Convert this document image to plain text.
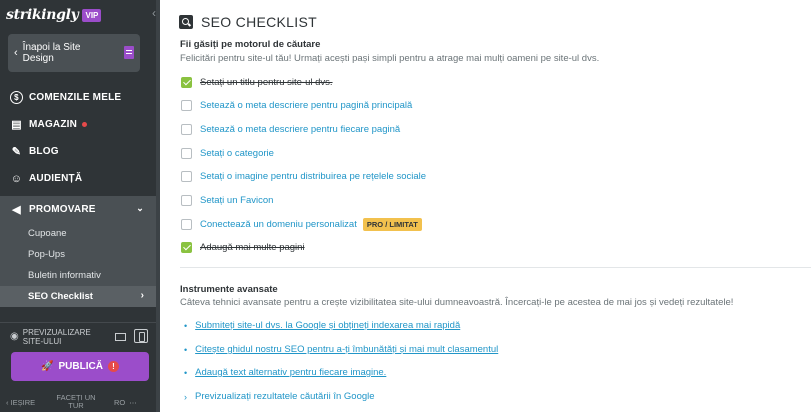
strikingly VIP	‹
‹ Înapoi la Site Design
$	COMENZILE MELE
▤ MAGAZIN
✎ BLOG
☺ AUDIENȚĂ
◀ PROMOVARE	⌄
Cupoane
Pop-Ups
Buletin informativ
SEO Checklist	›
◉ PREVIZUALIZARE SITE-ULUI
🚀 PUBLICĂ	!
‹ IEȘIRE	FACEȚI UN TUR	RO ⋯
SEO CHECKLIST
Fii găsiți pe motorul de căutare
Felicitări pentru site-ul tău! Urmați acești pași simpli pentru a atrage mai mulți oameni pe site-ul dvs.
Setați un titlu pentru site-ul dvs.
Setează o meta descriere pentru pagină principală
Setează o meta descriere pentru fiecare pagină
Setați o categorie
Setați o imagine pentru distribuirea pe rețelele sociale
Setați un Favicon
Conectează un domeniu personalizat	PRO / LIMITAT
Adaugă mai multe pagini
Instrumente avansate
Câteva tehnici avansate pentru a crește vizibilitatea site-ului dumneavoastră. Încercați-le pe acestea de mai jos și vedeți rezultatele!
• Submiteți site-ul dvs. la Google și obțineți indexarea mai rapidă
• Citește ghidul nostru SEO pentru a-ți îmbunătăți și mai mult clasamentul
• Adaugă text alternativ pentru fiecare imagine.
› Previzualizați rezultatele căutării în Google
